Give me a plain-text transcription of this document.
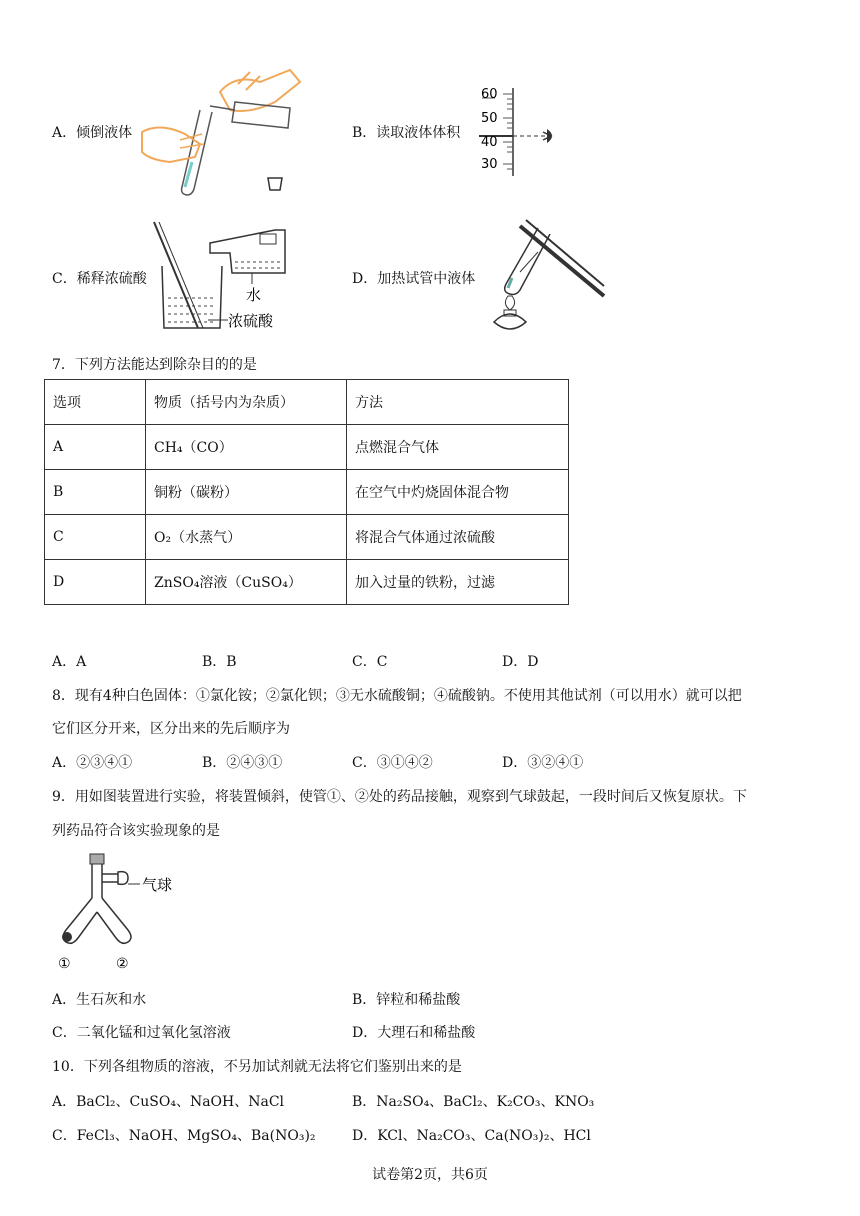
A．倾倒液体	B．读取液体体积
60
50
40
30
C．稀释浓硫酸
水
浓硫酸
D．加热试管中液体
7．下列方法能达到除杂目的的是
选项	物质（括号内为杂质）	方法
A	CH₄（CO）	点燃混合气体
B	铜粉（碳粉）	在空气中灼烧固体混合物
C	O₂（水蒸气）	将混合气体通过浓硫酸
D	ZnSO₄溶液（CuSO₄）	加入过量的铁粉，过滤
A．A	B．B	C．C	D．D
8．现有4种白色固体：①氯化铵；②氯化钡；③无水硫酸铜；④硫酸钠。不使用其他试剂（可以用水）就可以把
它们区分开来，区分出来的先后顺序为
A．②③④①	B．②④③①	C．③①④②	D．③②④①
9．用如图装置进行实验，将装置倾斜，使管①、②处的药品接触，观察到气球鼓起，一段时间后又恢复原状。下
列药品符合该实验现象的是
气球
①	②
A．生石灰和水	B．锌粒和稀盐酸
C．二氧化锰和过氧化氢溶液	D．大理石和稀盐酸
10．下列各组物质的溶液，不另加试剂就无法将它们鉴别出来的是
A．BaCl₂、CuSO₄、NaOH、NaCl	B．Na₂SO₄、BaCl₂、K₂CO₃、KNO₃
C．FeCl₃、NaOH、MgSO₄、Ba(NO₃)₂	D．KCl、Na₂CO₃、Ca(NO₃)₂、HCl
试卷第2页，共6页
